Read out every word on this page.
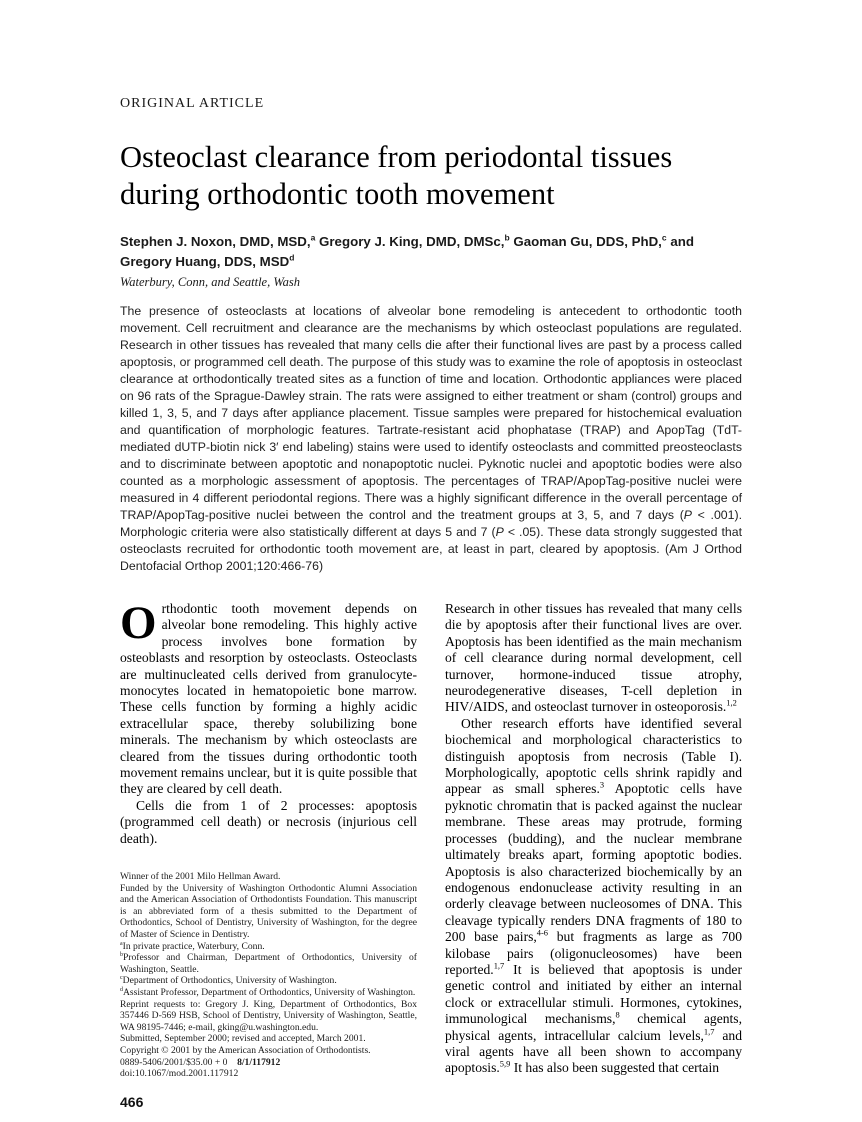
ORIGINAL ARTICLE
Osteoclast clearance from periodontal tissues during orthodontic tooth movement
Stephen J. Noxon, DMD, MSD,$^a$ Gregory J. King, DMD, DMSc,$^b$ Gaoman Gu, DDS, PhD,$^c$ and
Gregory Huang, DDS, MSD$^d$
Waterbury, Conn, and Seattle, Wash
The presence of osteoclasts at locations of alveolar bone remodeling is antecedent to orthodontic tooth movement. Cell recruitment and clearance are the mechanisms by which osteoclast populations are regulated. Research in other tissues has revealed that many cells die after their functional lives are past by a process called apoptosis, or programmed cell death. The purpose of this study was to examine the role of apoptosis in osteoclast clearance at orthodontically treated sites as a function of time and location. Orthodontic appliances were placed on 96 rats of the Sprague-Dawley strain. The rats were assigned to either treatment or sham (control) groups and killed 1, 3, 5, and 7 days after appliance placement. Tissue samples were prepared for histochemical evaluation and quantification of morphologic features. Tartrate-resistant acid phophatase (TRAP) and ApopTag (TdT-mediated dUTP-biotin nick 3′ end labeling) stains were used to identify osteoclasts and committed preosteoclasts and to discriminate between apoptotic and nonapoptotic nuclei. Pyknotic nuclei and apoptotic bodies were also counted as a morphologic assessment of apoptosis. The percentages of TRAP/ApopTag-positive nuclei were measured in 4 different periodontal regions. There was a highly significant difference in the overall percentage of TRAP/ApopTag-positive nuclei between the control and the treatment groups at 3, 5, and 7 days (P < .001). Morphologic criteria were also statistically different at days 5 and 7 (P < .05). These data strongly suggested that osteoclasts recruited for orthodontic tooth movement are, at least in part, cleared by apoptosis. (Am J Orthod Dentofacial Orthop 2001;120:466-76)

Orthodontic tooth movement depends on alveolar bone remodeling. This highly active process involves bone formation by osteoblasts and resorption by osteoclasts. Osteoclasts are multinucleated cells derived from granulocyte-monocytes located in hematopoietic bone marrow. These cells function by forming a highly acidic extracellular space, thereby solubilizing bone minerals. The mechanism by which osteoclasts are cleared from the tissues during orthodontic tooth movement remains unclear, but it is quite possible that they are cleared by cell death.

Cells die from 1 of 2 processes: apoptosis (programmed cell death) or necrosis (injurious cell death).

Winner of the 2001 Milo Hellman Award.

Funded by the University of Washington Orthodontic Alumni Association and the American Association of Orthodontists Foundation. This manuscript is an abbreviated form of a thesis submitted to the Department of Orthodontics, School of Dentistry, University of Washington, for the degree of Master of Science in Dentistry.

$^a$In private practice, Waterbury, Conn.

$^b$Professor and Chairman, Department of Orthodontics, University of Washington, Seattle.

$^c$Department of Orthodontics, University of Washington.

$^d$Assistant Professor, Department of Orthodontics, University of Washington.

Reprint requests to: Gregory J. King, Department of Orthodontics, Box 357446 D-569 HSB, School of Dentistry, University of Washington, Seattle, WA 98195-7446; e-mail, gking@u.washington.edu.

Submitted, September 2000; revised and accepted, March 2001.

Copyright © 2001 by the American Association of Orthodontists.

0889-5406/2001/$35.00 + 0  8/1/117912

doi:10.1067/mod.2001.117912

Research in other tissues has revealed that many cells die by apoptosis after their functional lives are over. Apoptosis has been identified as the main mechanism of cell clearance during normal development, cell turnover, hormone-induced tissue atrophy, neurodegenerative diseases, T-cell depletion in HIV/AIDS, and osteoclast turnover in osteoporosis.$^{1,2}$

Other research efforts have identified several biochemical and morphological characteristics to distinguish apoptosis from necrosis (Table I). Morphologically, apoptotic cells shrink rapidly and appear as small spheres.$^3$ Apoptotic cells have pyknotic chromatin that is packed against the nuclear membrane. These areas may protrude, forming processes (budding), and the nuclear membrane ultimately breaks apart, forming apoptotic bodies. Apoptosis is also characterized biochemically by an endogenous endonuclease activity resulting in an orderly cleavage between nucleosomes of DNA. This cleavage typically renders DNA fragments of 180 to 200 base pairs,$^{4-6}$ but fragments as large as 700 kilobase pairs (oligonucleosomes) have been reported.$^{1,7}$ It is believed that apoptosis is under genetic control and initiated by either an internal clock or extracellular stimuli. Hormones, cytokines, immunological mechanisms,$^8$ chemical agents, physical agents, intracellular calcium levels,$^{1,7}$ and viral agents have all been shown to accompany apoptosis.$^{5,9}$ It has also been suggested that certain

466
